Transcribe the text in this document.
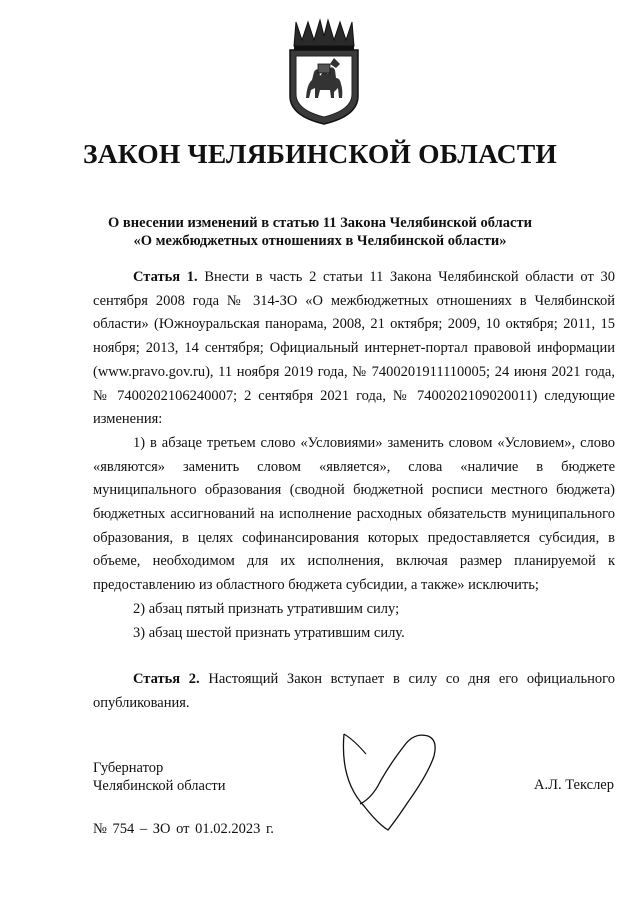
ЗАКОН ЧЕЛЯБИНСКОЙ ОБЛАСТИ
О внесении изменений в статью 11 Закона Челябинской области
«О межбюджетных отношениях в Челябинской области»

Статья 1. Внести в часть 2 статьи 11 Закона Челябинской области от 30 сентября 2008 года № 314-ЗО «О межбюджетных отношениях в Челябинской области» (Южноуральская панорама, 2008, 21 октября; 2009, 10 октября; 2011, 15 ноября; 2013, 14 сентября; Официальный интернет-портал правовой информации (www.pravo.gov.ru), 11 ноября 2019 года, № 7400201911110005; 24 июня 2021 года, № 7400202106240007; 2 сентября 2021 года, № 7400202109020011) следующие изменения:

1) в абзаце третьем слово «Условиями» заменить словом «Условием», слово «являются» заменить словом «является», слова «наличие в бюджете муниципального образования (сводной бюджетной росписи местного бюджета) бюджетных ассигнований на исполнение расходных обязательств муниципального образования, в целях софинансирования которых предоставляется субсидия, в объеме, необходимом для их исполнения, включая размер планируемой к предоставлению из областного бюджета субсидии, а также» исключить;

2) абзац пятый признать утратившим силу;

3) абзац шестой признать утратившим силу.

Статья 2. Настоящий Закон вступает в силу со дня его официального опубликования.

Губернатор
Челябинской области	А.Л. Текслер
№ 754 – ЗО от 01.02.2023 г.
